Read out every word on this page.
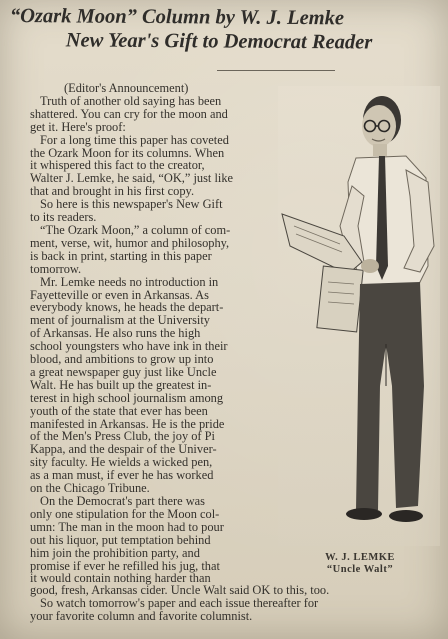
“Ozark Moon” Column by W. J. Lemke
New Year's Gift to Democrat Reader
(Editor's Announcement)
Truth of another old saying has been
shattered. You can cry for the moon and
get it. Here's proof:
For a long time this paper has coveted
the Ozark Moon for its columns. When
it whispered this fact to the creator,
Walter J. Lemke, he said, “OK,” just like
that and brought in his first copy.
So here is this newspaper's New Gift
to its readers.
“The Ozark Moon,” a column of com-
ment, verse, wit, humor and philosophy,
is back in print, starting in this paper
tomorrow.
Mr. Lemke needs no introduction in
Fayetteville or even in Arkansas. As
everybody knows, he heads the depart-
ment of journalism at the University
of Arkansas. He also runs the high
school youngsters who have ink in their
blood, and ambitions to grow up into
a great newspaper guy just like Uncle
Walt. He has built up the greatest in-
terest in high school journalism among
youth of the state that ever has been
manifested in Arkansas. He is the pride
of the Men's Press Club, the joy of Pi
Kappa, and the despair of the Univer-
sity faculty. He wields a wicked pen,
as a man must, if ever he has worked
on the Chicago Tribune.
On the Democrat's part there was
only one stipulation for the Moon col-
umn: The man in the moon had to pour
out his liquor, put temptation behind
him join the prohibition party, and
promise if ever he refilled his jug, that
it would contain nothing harder than
good, fresh, Arkansas cider. Uncle Walt said OK to this, too.
So watch tomorrow's paper and each issue thereafter for
your favorite column and favorite columnist.
W. J. LEMKE
“Uncle Walt”
